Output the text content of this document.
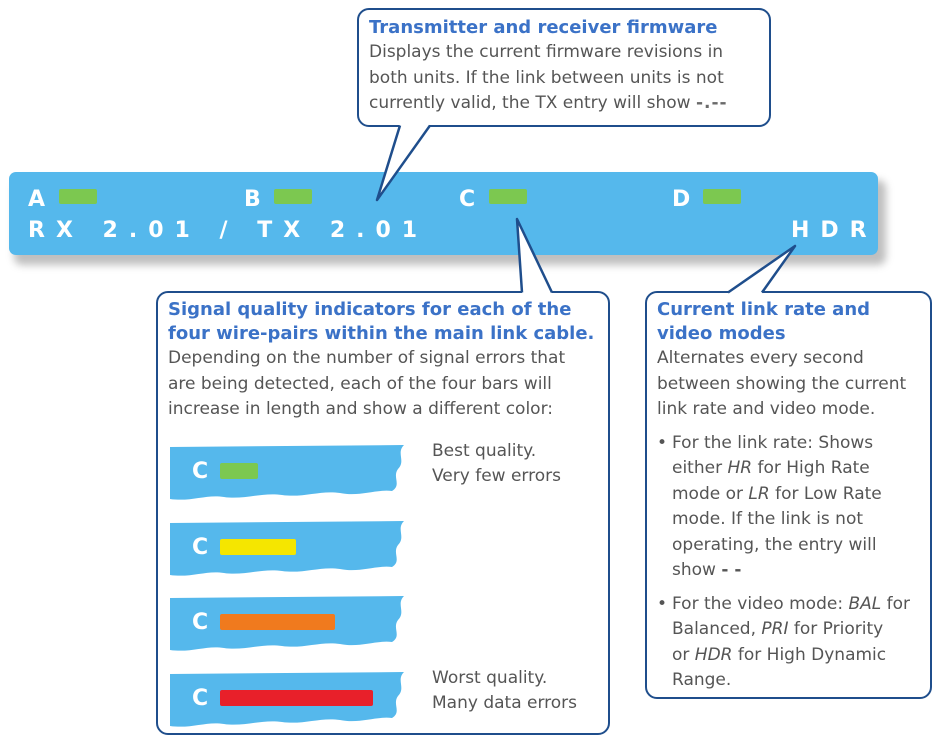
A	B	C	D
RX 2.01 / TX 2.01	HDR

Transmitter and receiver firmware

Displays the current firmware revisions in
both units. If the link between units is not
currently valid, the TX entry will show -.--

Signal quality indicators for each of the
four wire-pairs within the main link cable.

Depending on the number of signal errors that
are being detected, each of the four bars will
increase in length and show a different color:

C
Best quality.
Very few errors
C
C
C
Worst quality.
Many data errors

Current link rate and
video modes

Alternates every second
between showing the current
link rate and video mode.

• For the link rate: Shows
either HR for High Rate
mode or LR for Low Rate
mode. If the link is not
operating, the entry will
show - -
• For the video mode: BAL for
Balanced, PRI for Priority
or HDR for High Dynamic
Range.
